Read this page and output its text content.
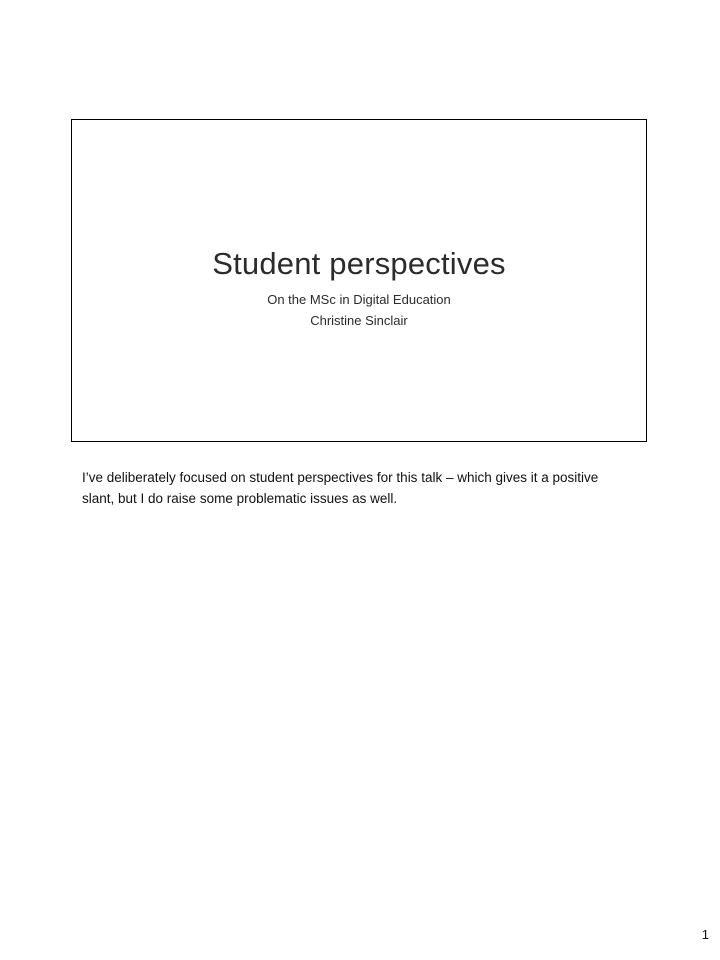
Student perspectives
On the MSc in Digital Education
Christine Sinclair
I’ve deliberately focused on student perspectives for this talk – which gives it a positive slant, but I do raise some problematic issues as well.
1
